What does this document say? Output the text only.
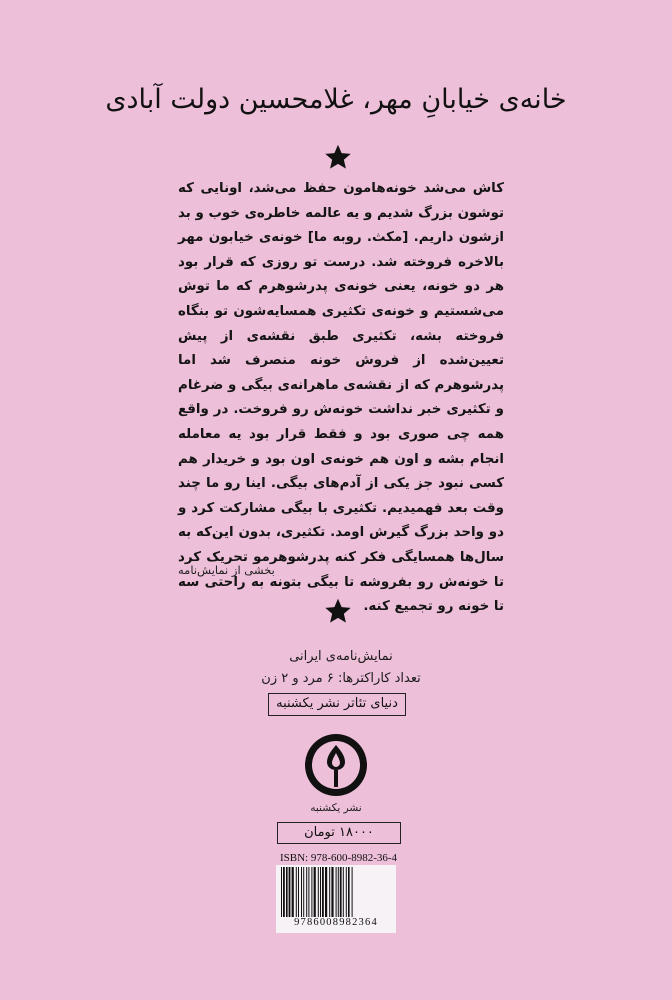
خانه‌ی خیابانِ مهر، غلامحسین دولت آبادی
کاش می‌شد خونه‌هامون حفظ می‌شد، اونایی که توشون بزرگ شدیم و یه عالمه خاطره‌ی خوب و بد ازشون داریم. [مکث. روبه ما] خونه‌ی خیابون مهر بالاخره فروخته شد. درست تو روزی که قرار بود هر دو خونه، یعنی خونه‌ی پدرشوهرم که ما توش می‌شستیم و خونه‌ی تکثیری همسایه‌شون تو بنگاه فروخته بشه، تکثیری طبق نقشه‌ی از پیش تعیین‌شده از فروش خونه منصرف شد اما پدرشوهرم که از نقشه‌ی ماهرانه‌ی بیگی و ضرغام و تکثیری خبر نداشت خونه‌ش رو فروخت. در واقع همه چی صوری بود و فقط قرار بود یه معامله انجام بشه و اون هم خونه‌ی اون بود و خریدار هم کسی نبود جز یکی از آدم‌های بیگی. اینا رو ما چند وقت بعد فهمیدیم. تکثیری با بیگی مشارکت کرد و دو واحد بزرگ گیرش اومد. تکثیری، بدون این‌که به سال‌ها همسایگی فکر کنه پدرشوهرمو تحریک کرد تا خونه‌ش رو بفروشه تا بیگی بتونه به راحتی سه تا خونه رو تجمیع کنه.
بخشی از نمایش‌نامه
نمایش‌نامه‌ی ایرانی
تعداد کاراکترها: ۶ مرد و ۲ زن
دنیای تئاتر نشر یکشنبه
نشر یکشنبه
۱۸۰۰۰ تومان
ISBN: 978-600-8982-36-4
9786008982364
